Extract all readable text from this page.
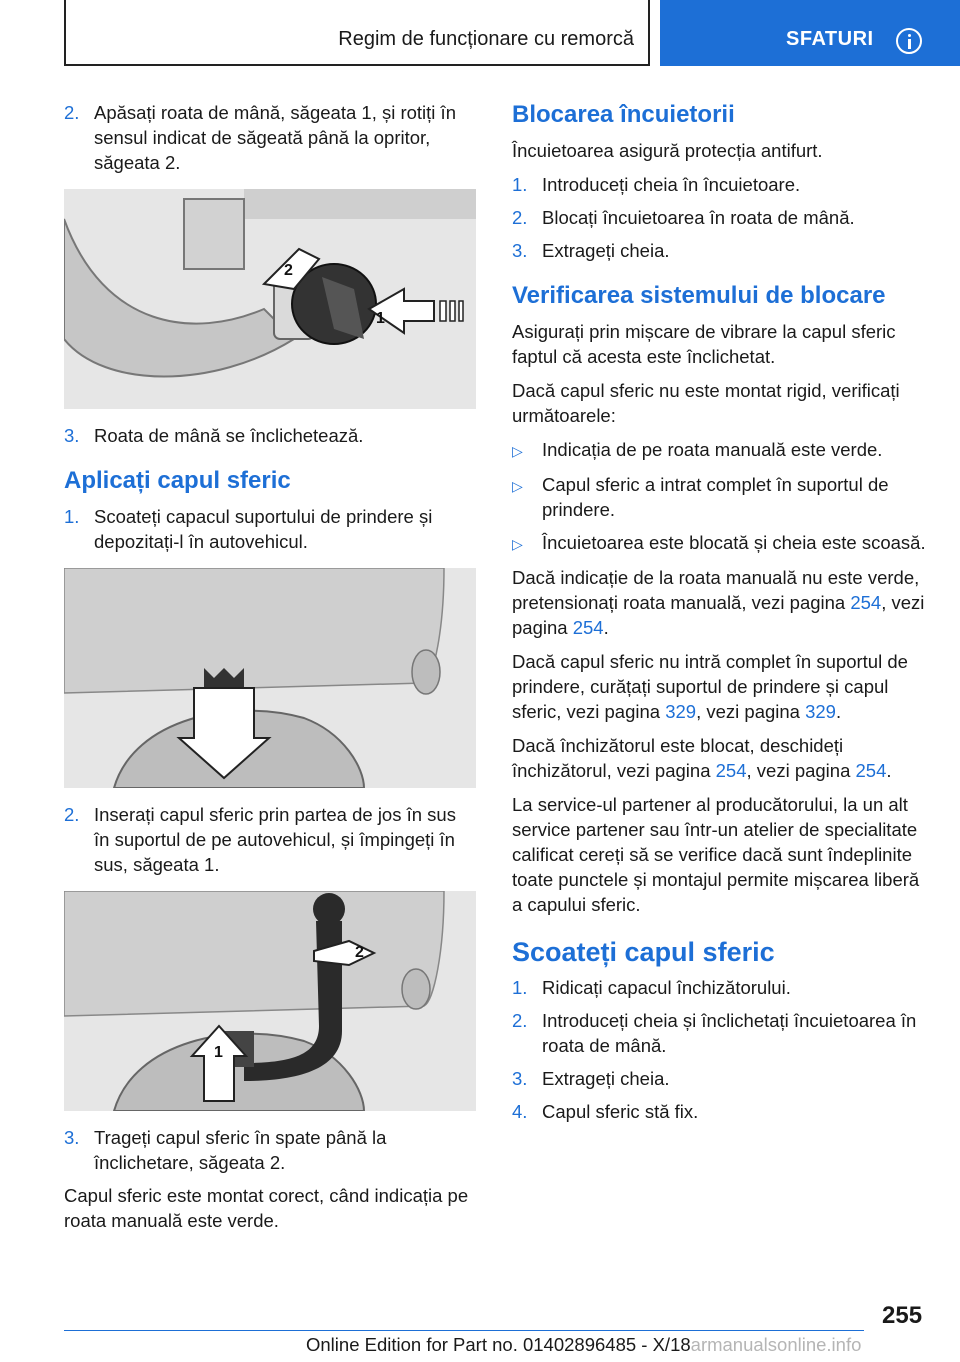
Regim de funcționare cu remorcă	SFATURI
2. Apăsați roata de mână, săgeata 1, și rotiți în sensul indicat de săgeată până la opritor, săgeata 2.
2
1
3. Roata de mână se înclichetează.
Aplicați capul sferic
1. Scoateți capacul suportului de prindere și depozitați-l în autovehicul.
2. Inserați capul sferic prin partea de jos în sus în suportul de pe autovehicul, și împingeți în sus, săgeata 1.
2
1
3. Trageți capul sferic în spate până la înclichetare, săgeata 2.

Capul sferic este montat corect, când indicația pe roata manuală este verde.

Blocarea încuietorii

Încuietoarea asigură protecția antifurt.

1. Introduceți cheia în încuietoare.
2. Blocați încuietoarea în roata de mână.
3. Extrageți cheia.
Verificarea sistemului de blocare

Asigurați prin mișcare de vibrare la capul sferic faptul că acesta este înclichetat.

Dacă capul sferic nu este montat rigid, verificați următoarele:

▷	Indicația de pe roata manuală este verde.
▷	Capul sferic a intrat complet în suportul de prindere.
▷	Încuietoarea este blocată și cheia este scoasă.

Dacă indicație de la roata manuală nu este verde, pretensionați roata manuală, vezi pagina 254, vezi pagina 254.

Dacă capul sferic nu intră complet în suportul de prindere, curățați suportul de prindere și capul sferic, vezi pagina 329, vezi pagina 329.

Dacă închizătorul este blocat, deschideți închizătorul, vezi pagina 254, vezi pagina 254.

La service-ul partener al producătorului, la un alt service partener sau într-un atelier de specialitate calificat cereți să se verifice dacă sunt îndeplinite toate punctele și montajul permite mișcarea liberă a capului sferic.

Scoateți capul sferic
1. Ridicați capacul închizătorului.
2. Introduceți cheia și înclichetați încuietoarea în roata de mână.
3. Extrageți cheia.
4. Capul sferic stă fix.
255
Online Edition for Part no. 01402896485 - X/18armanualsonline.info
